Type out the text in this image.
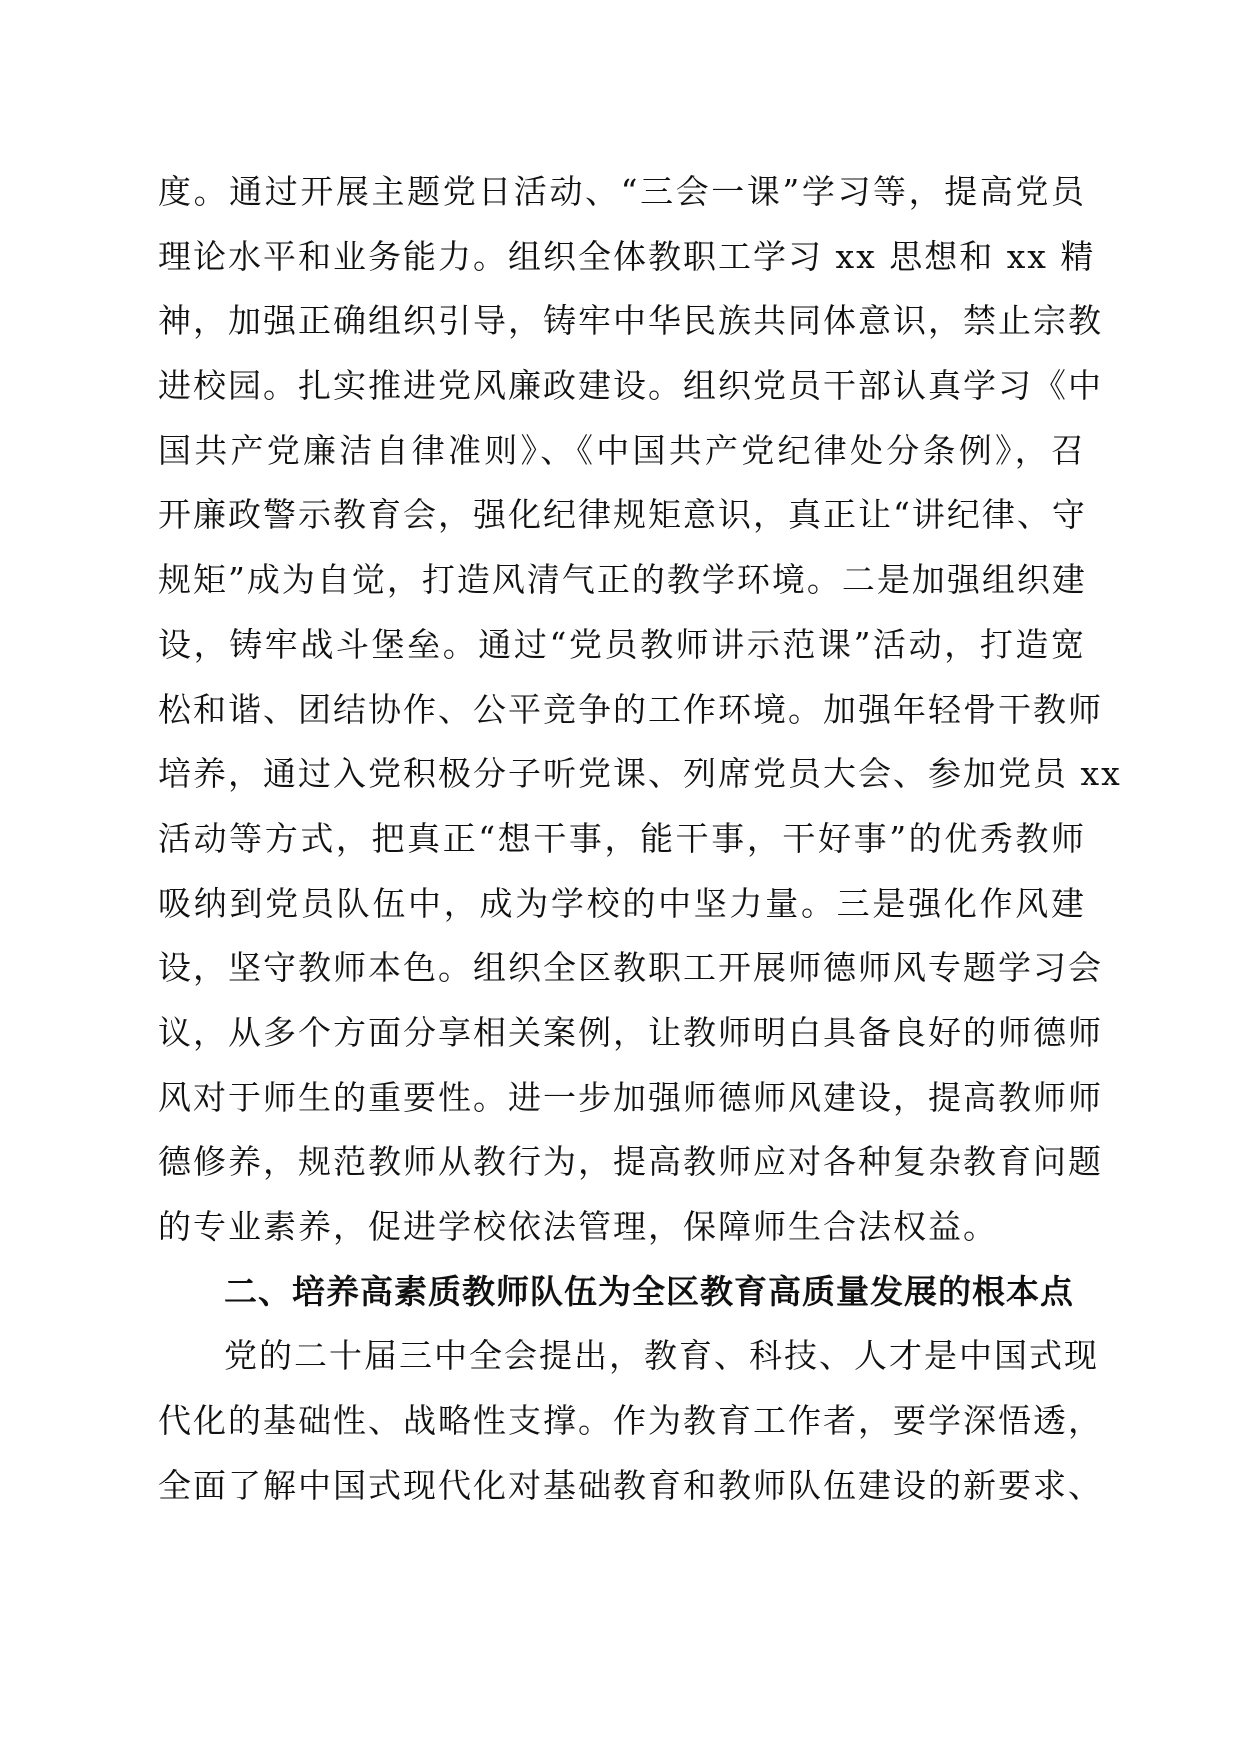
度。通过开展主题党日活动、“三会一课”学习等，提高党员
理论水平和业务能力。组织全体教职工学习 xx 思想和 xx 精
神，加强正确组织引导，铸牢中华民族共同体意识，禁止宗教
进校园。扎实推进党风廉政建设。组织党员干部认真学习《中
国共产党廉洁自律准则》、《中国共产党纪律处分条例》，召
开廉政警示教育会，强化纪律规矩意识，真正让“讲纪律、守
规矩”成为自觉，打造风清气正的教学环境。二是加强组织建
设，铸牢战斗堡垒。通过“党员教师讲示范课”活动，打造宽
松和谐、团结协作、公平竞争的工作环境。加强年轻骨干教师
培养，通过入党积极分子听党课、列席党员大会、参加党员 xx
活动等方式，把真正“想干事，能干事，干好事”的优秀教师
吸纳到党员队伍中，成为学校的中坚力量。三是强化作风建
设，坚守教师本色。组织全区教职工开展师德师风专题学习会
议，从多个方面分享相关案例，让教师明白具备良好的师德师
风对于师生的重要性。进一步加强师德师风建设，提高教师师
德修养，规范教师从教行为，提高教师应对各种复杂教育问题
的专业素养，促进学校依法管理，保障师生合法权益。
二、培养高素质教师队伍为全区教育高质量发展的根本点
党的二十届三中全会提出，教育、科技、人才是中国式现
代化的基础性、战略性支撑。作为教育工作者，要学深悟透，
全面了解中国式现代化对基础教育和教师队伍建设的新要求、
